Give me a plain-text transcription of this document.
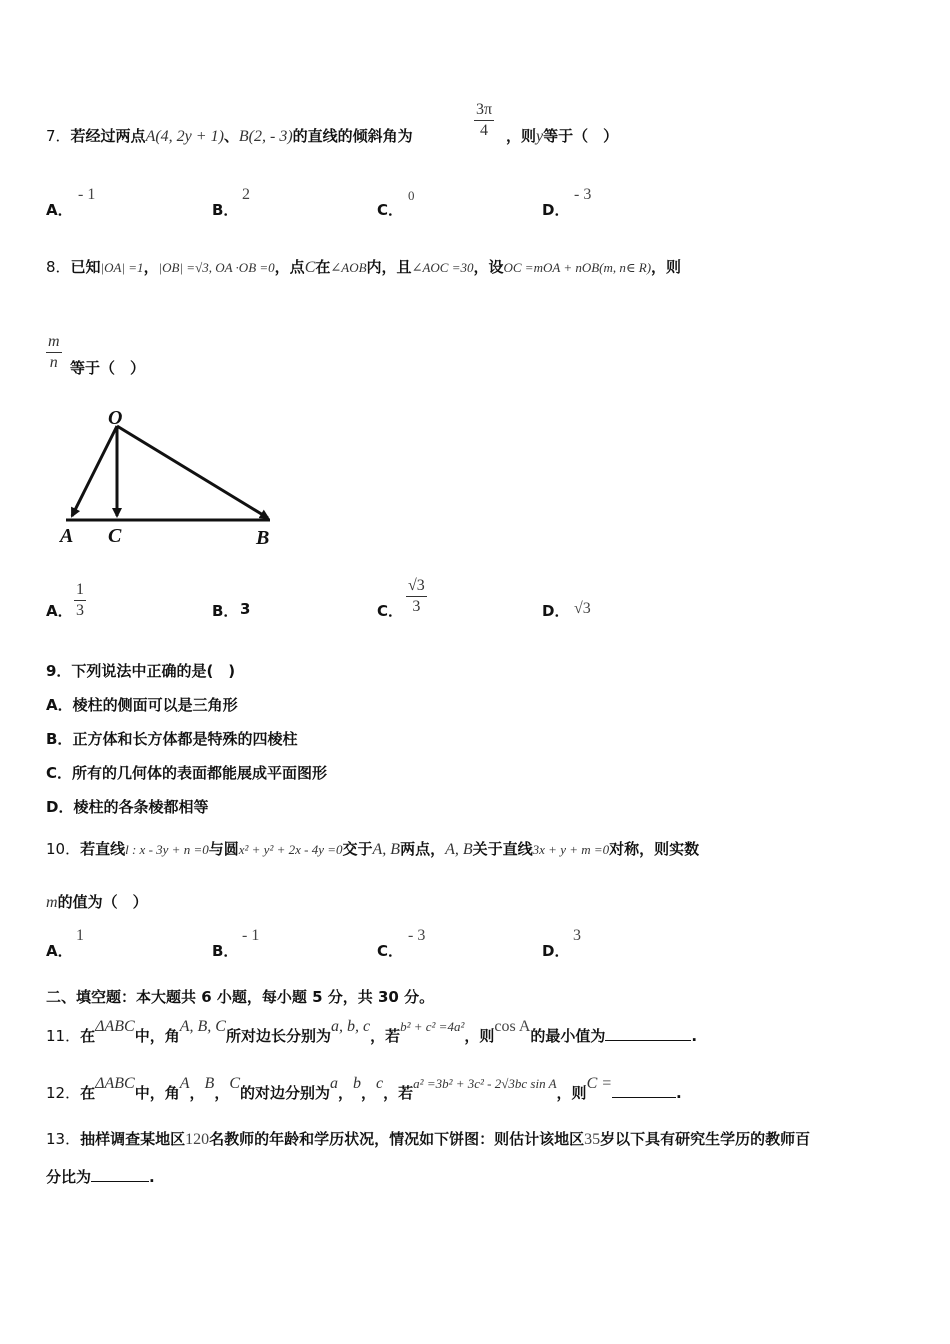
7．若经过两点A(4, 2y + 1)、B(2, - 3)的直线的倾斜角为	$\frac{3\pi}{4}$ ，则y等于（　）
A．
- 1
B．
2
C．
0
D．
- 3
8．已知|OA| =1，|OB| =√3, OA ·OB =0，点C在∠AOB内，且∠AOC =30，设OC =mOA + nOB(m, n∈ R)，则
$\frac{m}{n}$ 等于（　）
O
A C	B
A． $\frac{1}{3}$	B． 3	C． $\frac{√3}{3}$	D． √3
9．下列说法中正确的是(　)
A．棱柱的侧面可以是三角形
B．正方体和长方体都是特殊的四棱柱
C．所有的几何体的表面都能展成平面图形
D．棱柱的各条棱都相等
10．若直线l : x - 3y + n =0与圆x² + y² + 2x - 4y =0交于A, B两点，A, B关于直线3x + y + m =0对称，则实数
m的值为（　）
A．
1
B．
- 1
C．
- 3
D．
3
二、填空题：本大题共 6 小题，每小题 5 分，共 30 分。
11．在ΔABC中，角A, B, C所对边长分别为a, b, c，若b² + c² =4a²，则cos A的最小值为	.
12．在ΔABC中，角A，B，C的对边分别为a，b，c，若a² =3b² + 3c² - 2√3bc sin A，则C =.
13．抽样调查某地区120名教师的年龄和学历状况，情况如下饼图：则估计该地区35岁以下具有研究生学历的教师百
分比为	.
